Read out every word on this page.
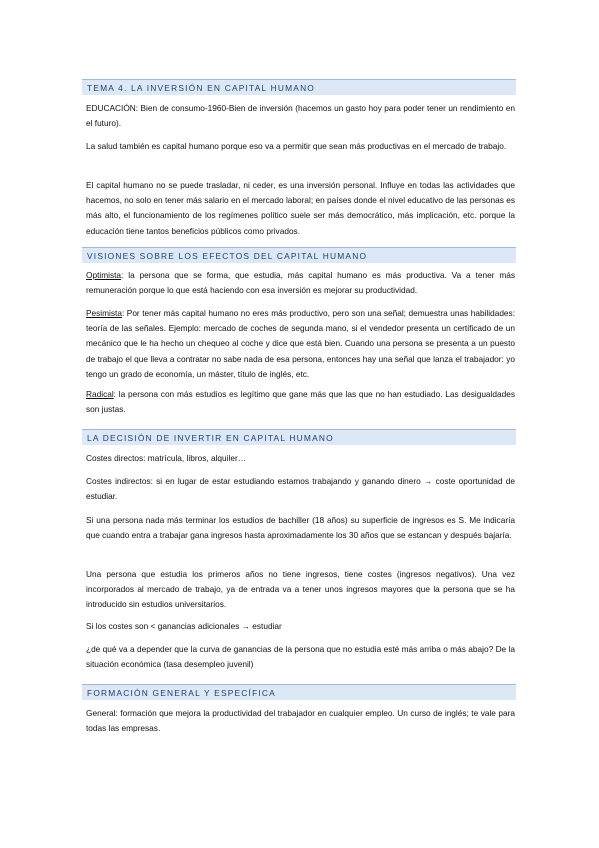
TEMA 4. LA INVERSIÓN EN CAPITAL HUMANO
EDUCACIÓN: Bien de consumo-1960-Bien de inversión (hacemos un gasto hoy para poder tener un rendimiento en el futuro).
La salud también es capital humano porque eso va a permitir que sean más productivas en el mercado de trabajo.
El capital humano no se puede trasladar, ni ceder, es una inversión personal. Influye en todas las actividades que hacemos, no solo en tener más salario en el mercado laboral; en países donde el nivel educativo de las personas es más alto, el funcionamiento de los regímenes político suele ser más democrático, más implicación, etc. porque la educación tiene tantos beneficios públicos como privados.
VISIONES SOBRE LOS EFECTOS DEL CAPITAL HUMANO
Optimista: la persona que se forma, que estudia, más capital humano es más productiva. Va a tener más remuneración porque lo que está haciendo con esa inversión es mejorar su productividad.
Pesimista: Por tener más capital humano no eres más productivo, pero son una señal; demuestra unas habilidades: teoría de las señales. Ejemplo: mercado de coches de segunda mano, si el vendedor presenta un certificado de un mecánico que le ha hecho un chequeo al coche y dice que está bien. Cuando una persona se presenta a un puesto de trabajo el que lleva a contratar no sabe nada de esa persona, entonces hay una señal que lanza el trabajador: yo tengo un grado de economía, un máster, título de inglés, etc.
Radical: la persona con más estudios es legítimo que gane más que las que no han estudiado. Las desigualdades son justas.
LA DECISIÓN DE INVERTIR EN CAPITAL HUMANO
Costes directos: matrícula, libros, alquiler…
Costes indirectos: si en lugar de estar estudiando estamos trabajando y ganando dinero → coste oportunidad de estudiar.
Si una persona nada más terminar los estudios de bachiller (18 años) su superficie de ingresos es S. Me indicaría que cuando entra a trabajar gana ingresos hasta aproximadamente los 30 años que se estancan y después bajaría.
Una persona que estudia los primeros años no tiene ingresos, tiene costes (ingresos negativos). Una vez incorporados al mercado de trabajo, ya de entrada va a tener unos ingresos mayores que la persona que se ha introducido sin estudios universitarios.
Si los costes son < ganancias adicionales → estudiar
¿de qué va a depender que la curva de ganancias de la persona que no estudia esté más arriba o más abajo? De la situación económica (tasa desempleo juvenil)
FORMACIÓN GENERAL Y ESPECÍFICA
General: formación que mejora la productividad del trabajador en cualquier empleo. Un curso de inglés; te vale para todas las empresas.
